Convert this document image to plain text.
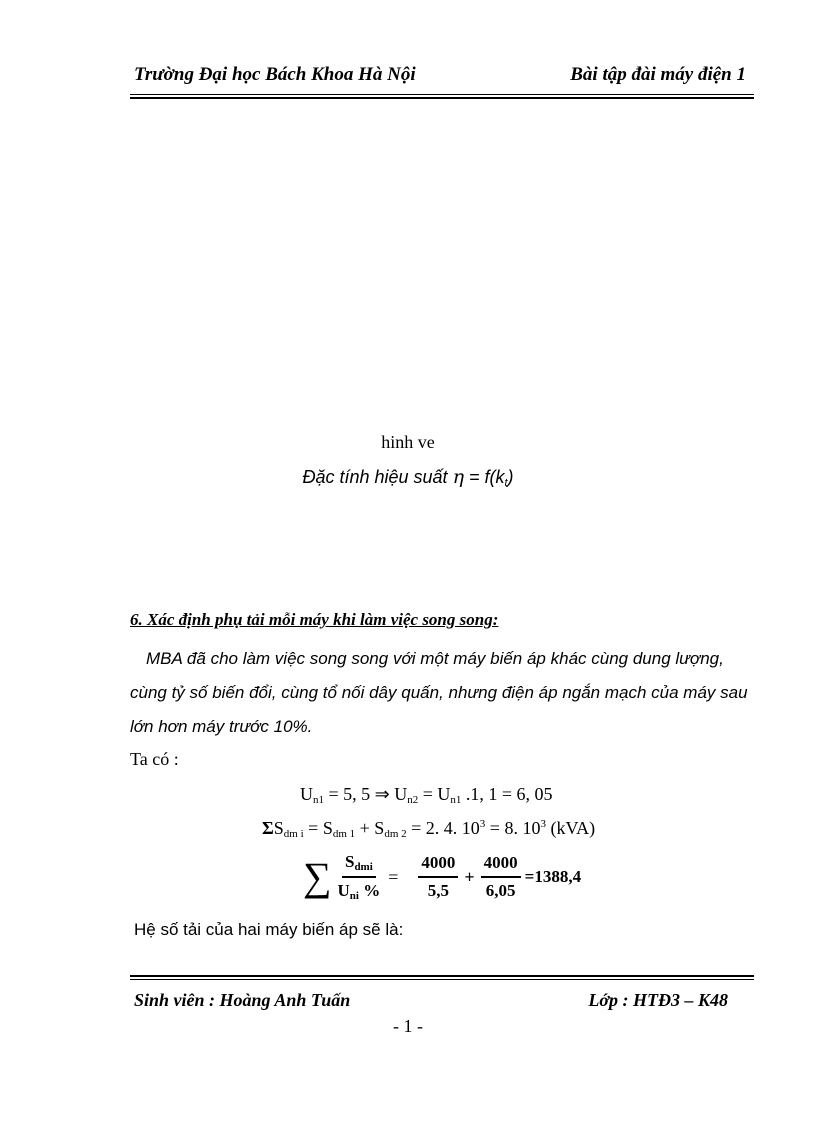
Trường Đại học Bách Khoa Hà Nội	Bài tập đài máy điện 1
hinh ve
Đặc tính hiệu suất $\eta = f(k_t)$
6. Xác định phụ tải mỗi máy khi làm việc song song:
MBA đã cho làm việc song song với một máy biến áp khác cùng dung lượng, cùng tỷ số biến đổi, cùng tổ nối dây quấn, nhưng điện áp ngắn mạch của máy sau lớn hơn máy trước 10%.
Ta có :
$U_{n1} = 5$, 5 ⇒ $U_{n2} = U_{n1}$ .1, 1 = 6, 05
$\Sigma S_{dm i} = S_{dm 1} + S_{dm 2} = 2$. 4. $10^3 = 8$. $10^3$ (kVA)
∑ $\frac{S_{dmi}}{U_{ni} \%} = \frac{4000}{5,5} + \frac{4000}{6,05} =1388,4$
Hệ số tải của hai máy biến áp sẽ là:
Sinh viên : Hoàng Anh Tuấn	Lớp : HTĐ3 – K48
- 1 -
